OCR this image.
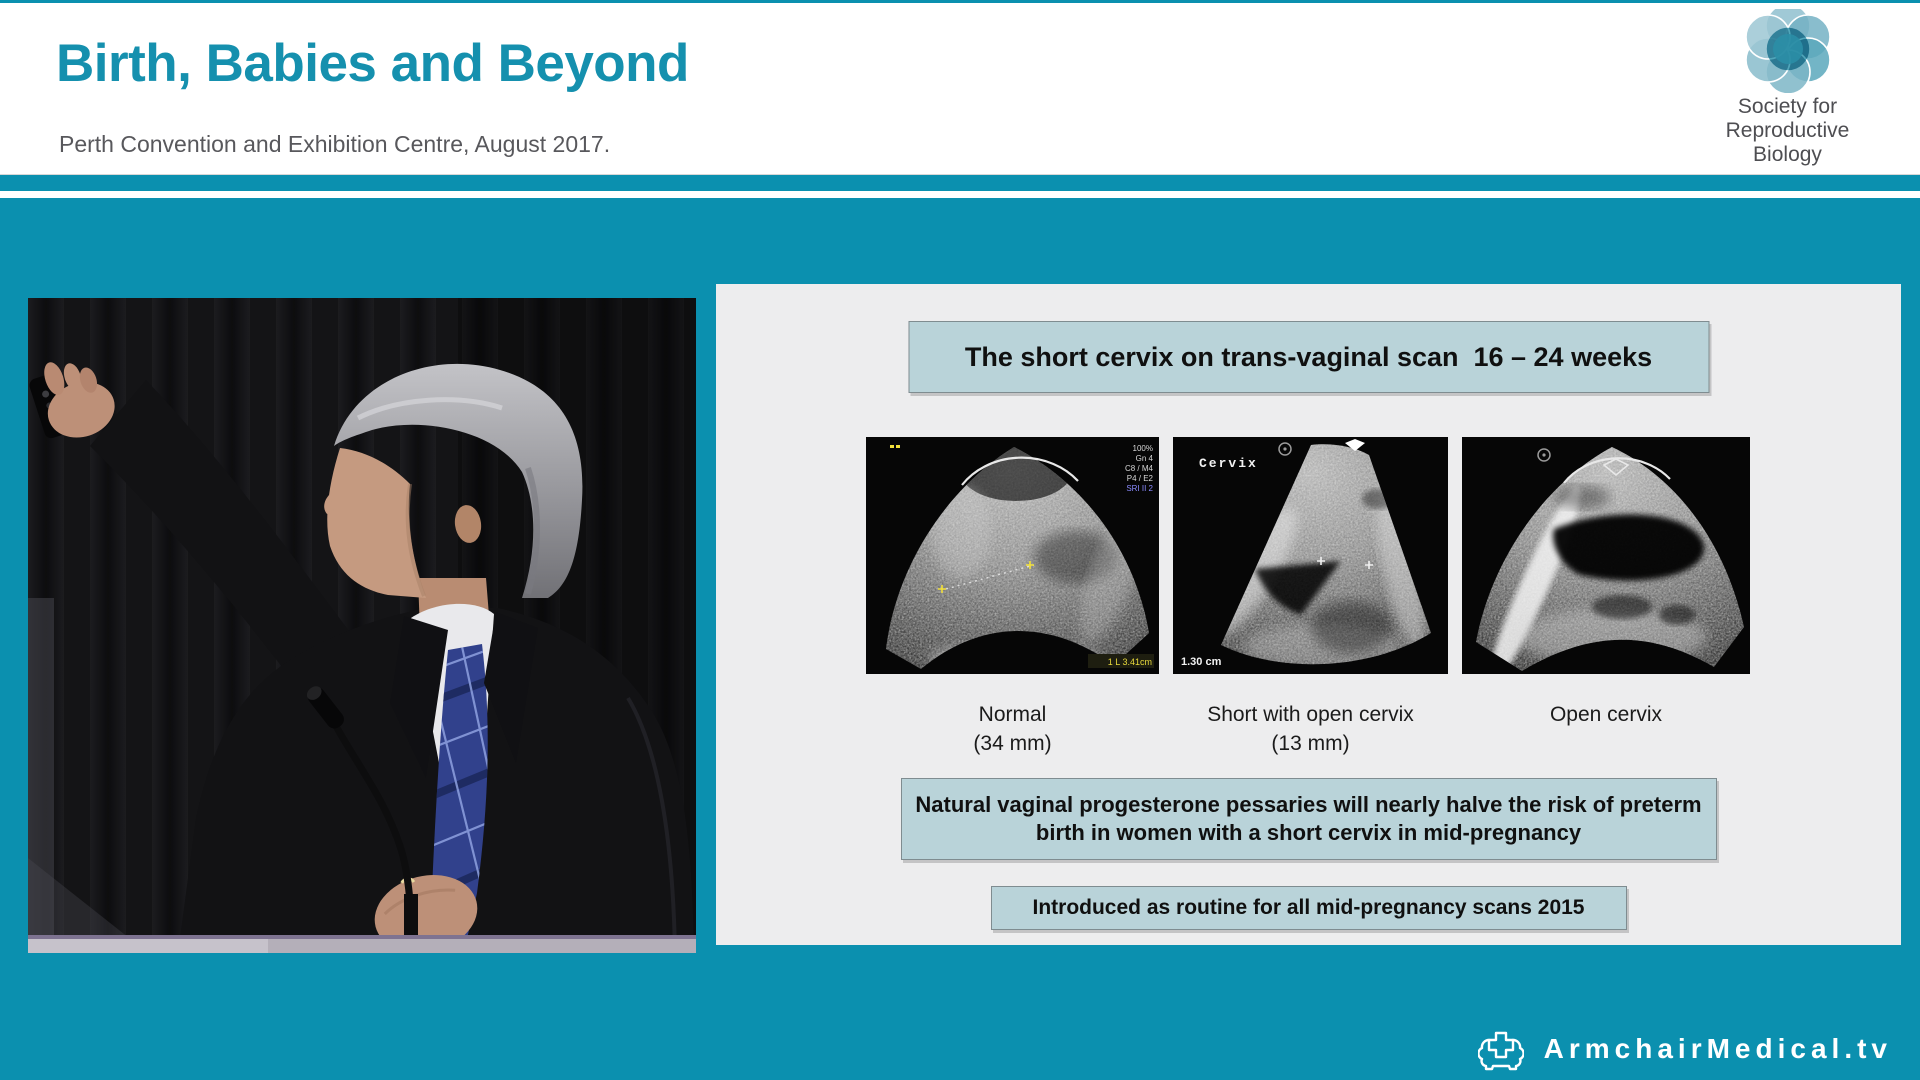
Birth, Babies and Beyond
Perth Convention and Exhibition Centre, August 2017.
Society for
Reproductive
Biology
The short cervix on trans-vaginal scan  16 – 24 weeks
100%
Gn 4
C8 / M4
P4 / E2
SRI II 2
1 L 3.41cm
Normal
(34 mm)
Cervix
1.30 cm
Short with open cervix
(13 mm)
Open cervix
Natural vaginal progesterone pessaries will nearly halve the risk of preterm birth in women with a short cervix in mid-pregnancy
Introduced as routine for all mid-pregnancy scans 2015
ArmchairMedical.tv
